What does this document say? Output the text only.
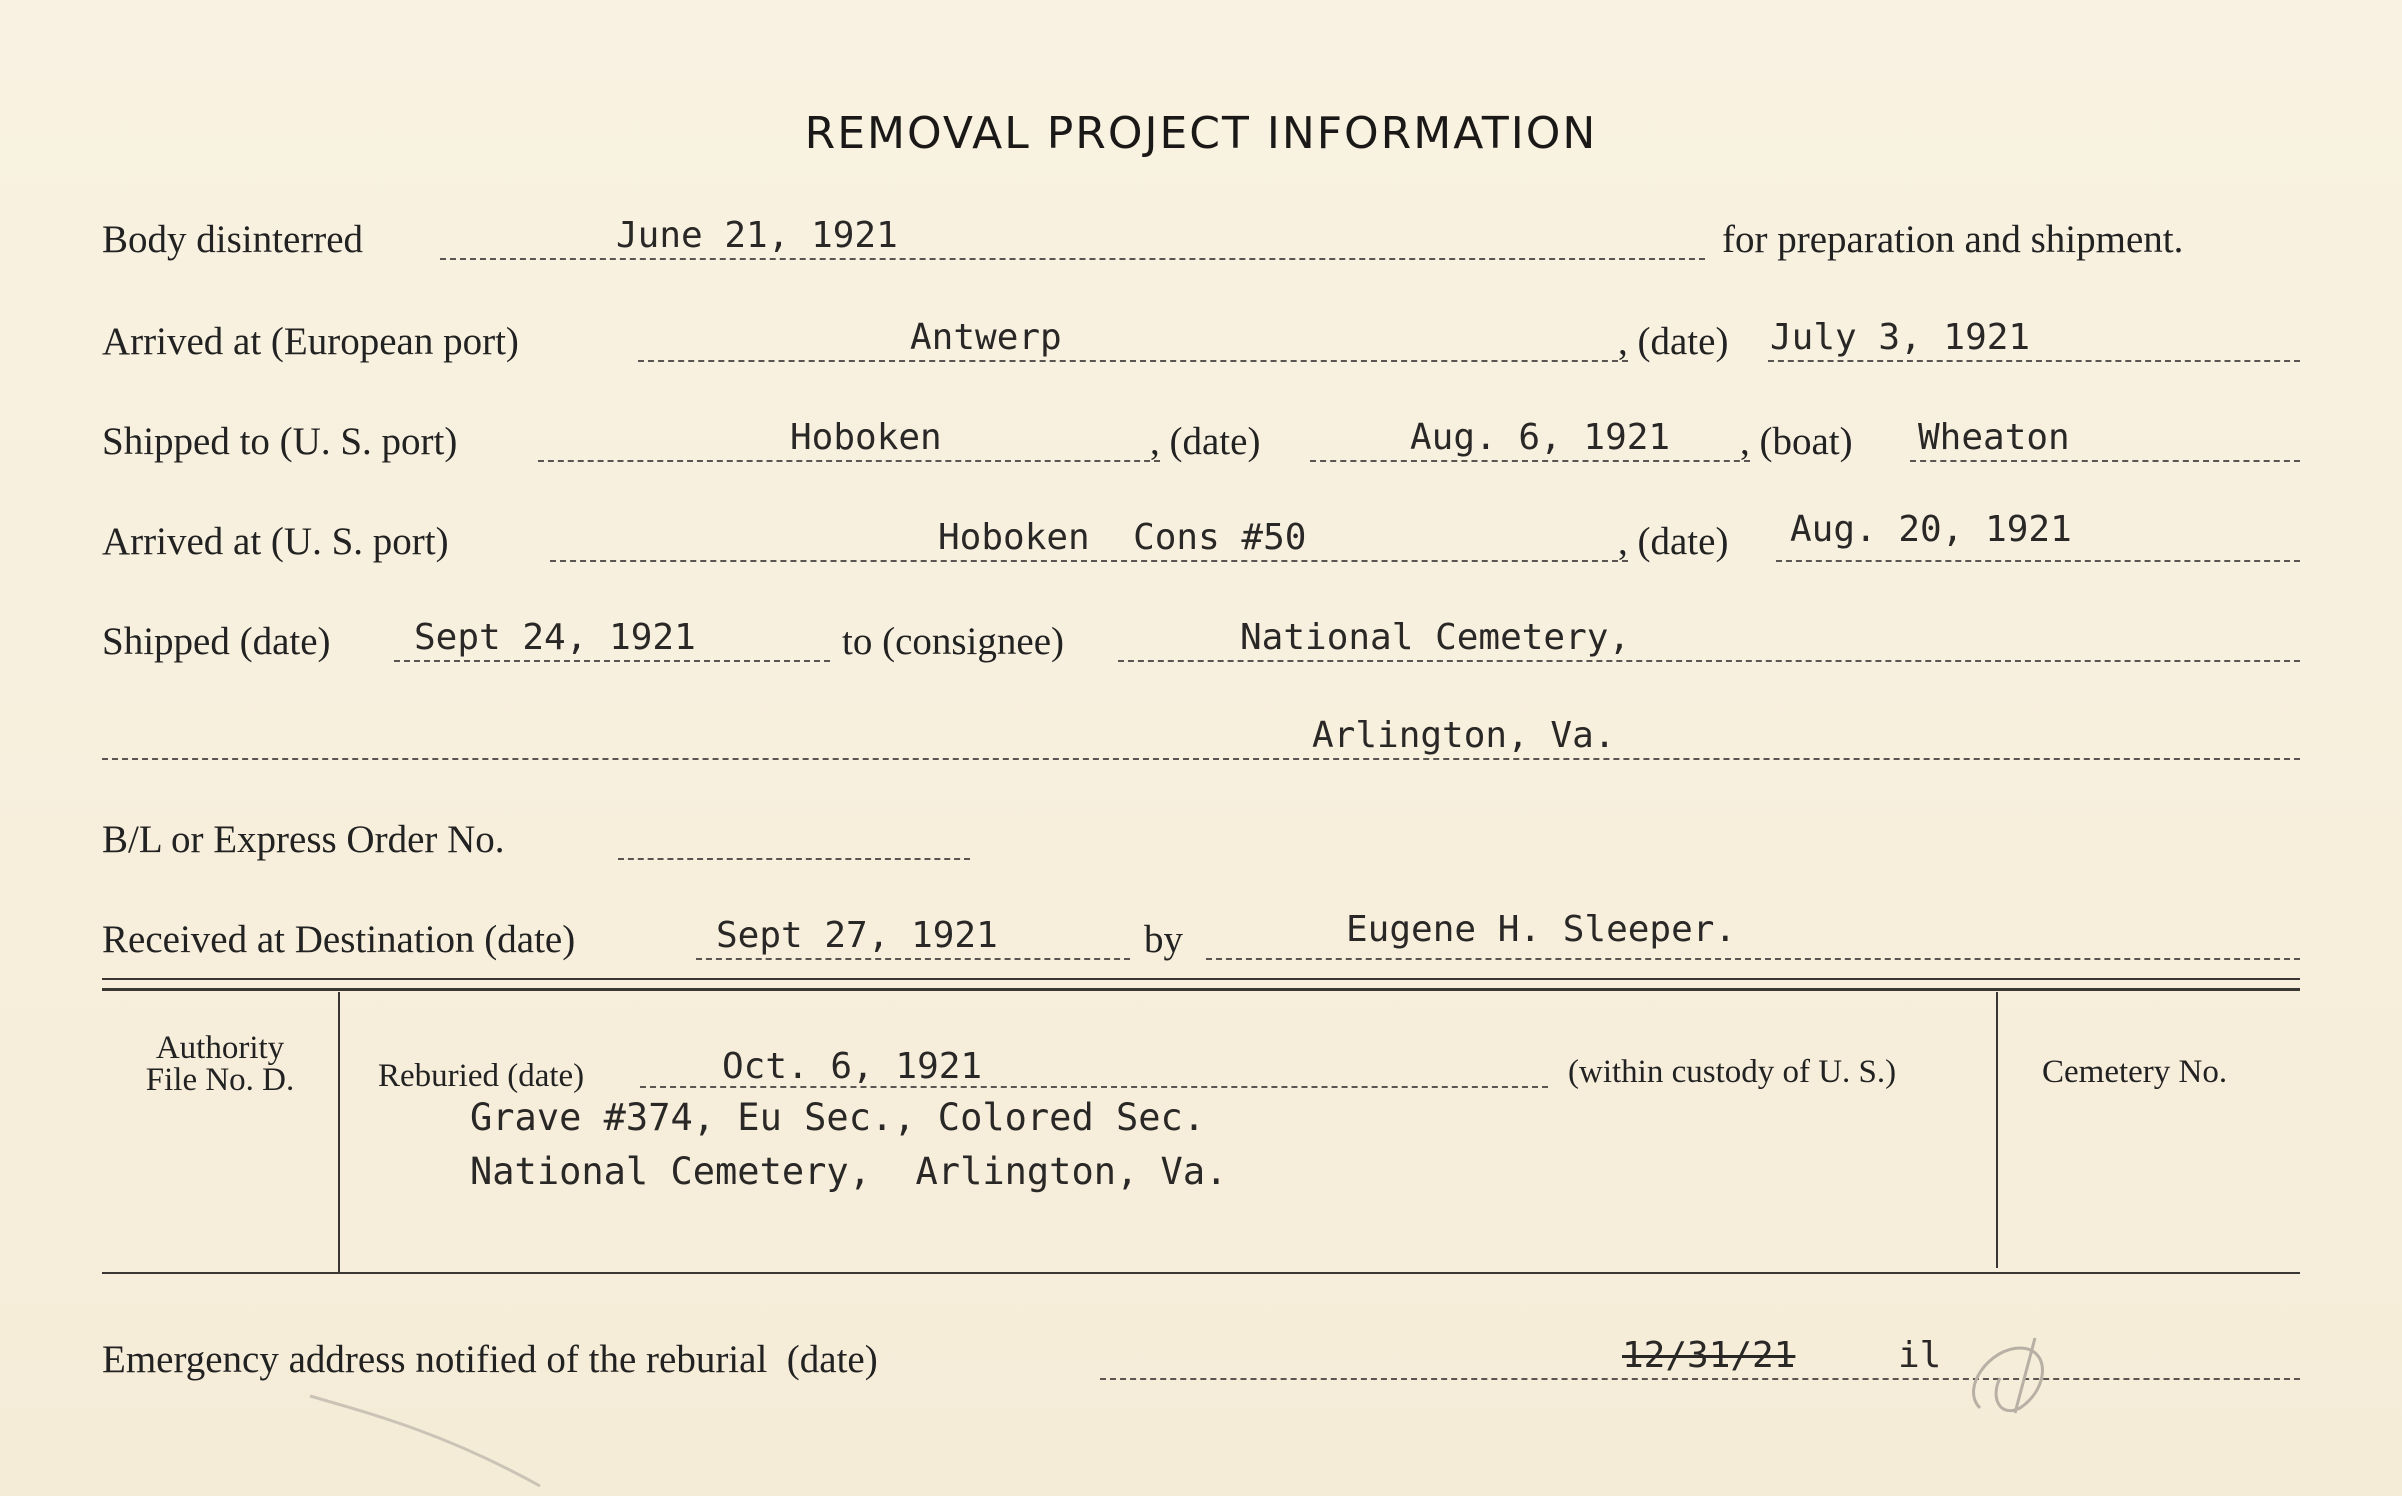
REMOVAL PROJECT INFORMATION
Body disinterred	June 21, 1921	for preparation and shipment.
Arrived at (European port)	Antwerp	, (date) July 3, 1921
Shipped to (U. S. port)	Hoboken	, (date)	Aug. 6, 1921 , (boat) Wheaton
Arrived at (U. S. port)	Hoboken  Cons #50	, (date) Aug. 20, 1921
Shipped (date) Sept 24, 1921	to (consignee)	National Cemetery,
Arlington, Va.
B/L or Express Order No.
Received at Destination (date)	Sept 27, 1921	by	Eugene H. Sleeper.
Authority
File No. D.	Reburied (date)	Oct. 6, 1921	(within custody of U. S.)	Cemetery No.
Grave #374, Eu Sec., Colored Sec.
National Cemetery,  Arlington, Va.
Emergency address notified of the reburial  (date)	12/31/21	il
